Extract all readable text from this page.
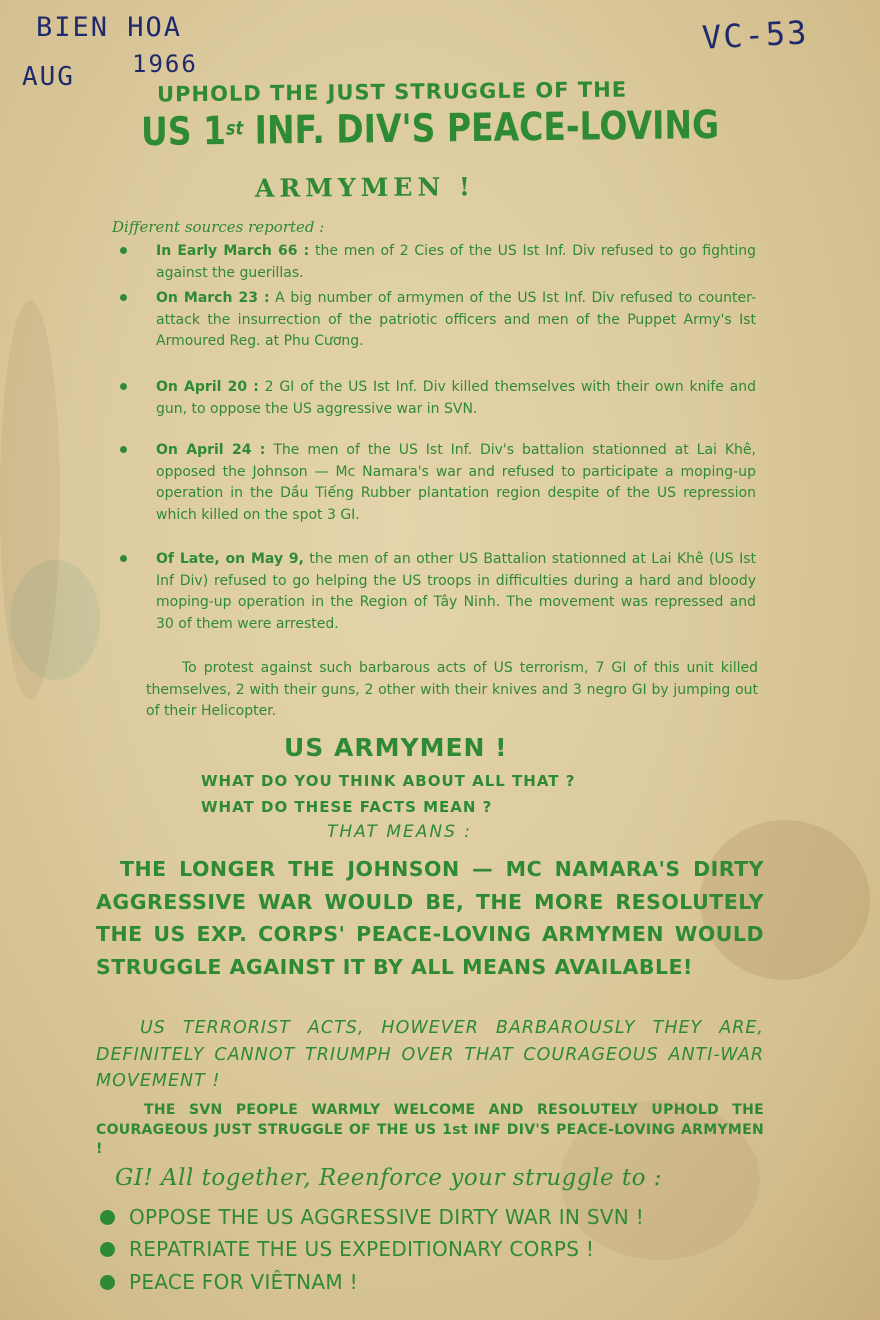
BIEN HOA
AUG 1966
VC-53
UPHOLD THE JUST STRUGGLE OF THE
US 1st INF. DIV'S PEACE-LOVING
ARMYMEN !
Different sources reported :
In Early March 66 : the men of 2 Cies of the US Ist Inf. Div refused to go fighting against the guerillas.
On March 23 : A big number of armymen of the US Ist Inf. Div refused to counter-attack the insurrection of the patriotic officers and men of the Puppet Army's Ist Armoured Reg. at Phu Cương.
On April 20 : 2 GI of the US Ist Inf. Div killed themselves with their own knife and gun, to oppose the US aggressive war in SVN.
On April 24 : The men of the US Ist Inf. Div's battalion stationned at Lai Khê, opposed the Johnson — Mc Namara's war and refused to participate a moping-up operation in the Dầu Tiếng Rubber plantation region despite of the US repression which killed on the spot 3 GI.
Of Late, on May 9, the men of an other US Battalion stationned at Lai Khê (US Ist Inf Div) refused to go helping the US troops in difficulties during a hard and bloody moping-up operation in the Region of Tây Ninh. The movement was repressed and 30 of them were arrested.
To protest against such barbarous acts of US terrorism, 7 GI of this unit killed themselves, 2 with their guns, 2 other with their knives and 3 negro GI by jumping out of their Helicopter.
US ARMYMEN !
WHAT DO YOU THINK ABOUT ALL THAT ?
WHAT DO THESE FACTS MEAN ?
THAT MEANS :
THE LONGER THE JOHNSON — MC NAMARA'S DIRTY AGGRESSIVE WAR WOULD BE, THE MORE RESOLUTELY THE US EXP. CORPS' PEACE-LOVING ARMYMEN WOULD STRUGGLE AGAINST IT BY ALL MEANS AVAILABLE!
US TERRORIST ACTS, HOWEVER BARBAROUSLY THEY ARE, DEFINITELY CANNOT TRIUMPH OVER THAT COURAGEOUS ANTI-WAR MOVEMENT !
THE SVN PEOPLE WARMLY WELCOME AND RESOLUTELY UPHOLD THE COURAGEOUS JUST STRUGGLE OF THE US 1st INF DIV'S PEACE-LOVING ARMYMEN !
GI! All together, Reenforce your struggle to :
OPPOSE THE US AGGRESSIVE DIRTY WAR IN SVN !
REPATRIATE THE US EXPEDITIONARY CORPS !
PEACE FOR VIÊTNAM !
